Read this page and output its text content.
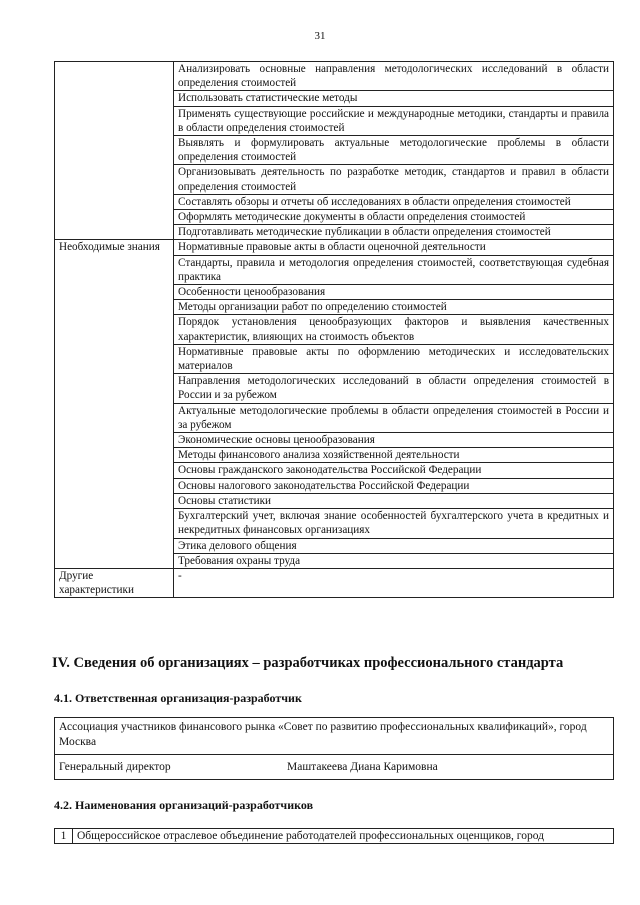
31
	Анализировать основные направления методологических исследований в области определения стоимостей
	Использовать статистические методы
	Применять существующие российские и международные методики, стандарты и правила в области определения стоимостей
	Выявлять и формулировать актуальные методологические проблемы в области определения стоимостей
	Организовывать деятельность по разработке методик, стандартов и правил в области определения стоимостей
	Составлять обзоры и отчеты об исследованиях в области определения стоимостей
	Оформлять методические документы в области определения стоимостей
	Подготавливать методические публикации в области определения стоимостей
Необходимые знания	Нормативные правовые акты в области оценочной деятельности
	Стандарты, правила и методология определения стоимостей, соответствующая судебная практика
	Особенности ценообразования
	Методы организации работ по определению стоимостей
	Порядок установления ценообразующих факторов и выявления качественных характеристик, влияющих на стоимость объектов
	Нормативные правовые акты по оформлению методических и исследовательских материалов
	Направления методологических исследований в области определения стоимостей в России и за рубежом
	Актуальные методологические проблемы в области определения стоимостей в России и за рубежом
	Экономические основы ценообразования
	Методы финансового анализа хозяйственной деятельности
	Основы гражданского законодательства Российской Федерации
	Основы налогового законодательства Российской Федерации
	Основы статистики
	Бухгалтерский учет, включая знание особенностей бухгалтерского учета в кредитных и некредитных финансовых организациях
	Этика делового общения
	Требования охраны труда
Другие характеристики	-
IV. Сведения об организациях – разработчиках профессионального стандарта
4.1. Ответственная организация-разработчик
Ассоциация участников финансового рынка «Совет по развитию профессиональных квалификаций», город Москва
Генеральный директор	Маштакеева Диана Каримовна
4.2. Наименования организаций-разработчиков
1	Общероссийское отраслевое объединение работодателей профессиональных оценщиков, город
